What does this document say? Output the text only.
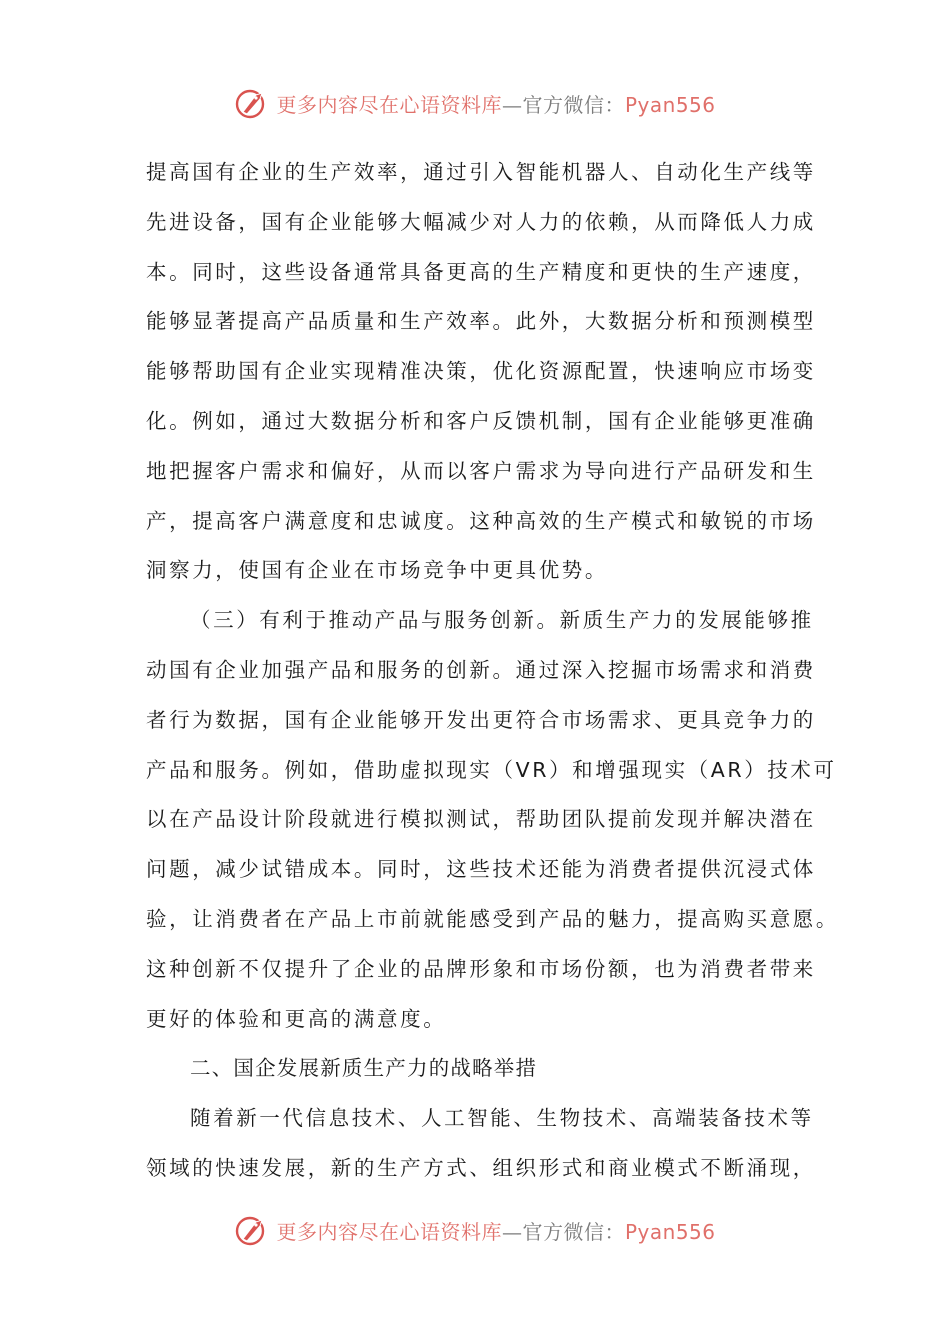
更多内容尽在心语资料库—官方微信：Pyan556
提高国有企业的生产效率，通过引入智能机器人、自动化生产线等
先进设备，国有企业能够大幅减少对人力的依赖，从而降低人力成
本。同时，这些设备通常具备更高的生产精度和更快的生产速度，
能够显著提高产品质量和生产效率。此外，大数据分析和预测模型
能够帮助国有企业实现精准决策，优化资源配置，快速响应市场变
化。例如，通过大数据分析和客户反馈机制，国有企业能够更准确
地把握客户需求和偏好，从而以客户需求为导向进行产品研发和生
产，提高客户满意度和忠诚度。这种高效的生产模式和敏锐的市场
洞察力，使国有企业在市场竞争中更具优势。
（三）有利于推动产品与服务创新。新质生产力的发展能够推
动国有企业加强产品和服务的创新。通过深入挖掘市场需求和消费
者行为数据，国有企业能够开发出更符合市场需求、更具竞争力的
产品和服务。例如，借助虚拟现实（VR）和增强现实（AR）技术可
以在产品设计阶段就进行模拟测试，帮助团队提前发现并解决潜在
问题，减少试错成本。同时，这些技术还能为消费者提供沉浸式体
验，让消费者在产品上市前就能感受到产品的魅力，提高购买意愿。
这种创新不仅提升了企业的品牌形象和市场份额，也为消费者带来
更好的体验和更高的满意度。
二、国企发展新质生产力的战略举措
随着新一代信息技术、人工智能、生物技术、高端装备技术等
领域的快速发展，新的生产方式、组织形式和商业模式不断涌现，
更多内容尽在心语资料库—官方微信：Pyan556
